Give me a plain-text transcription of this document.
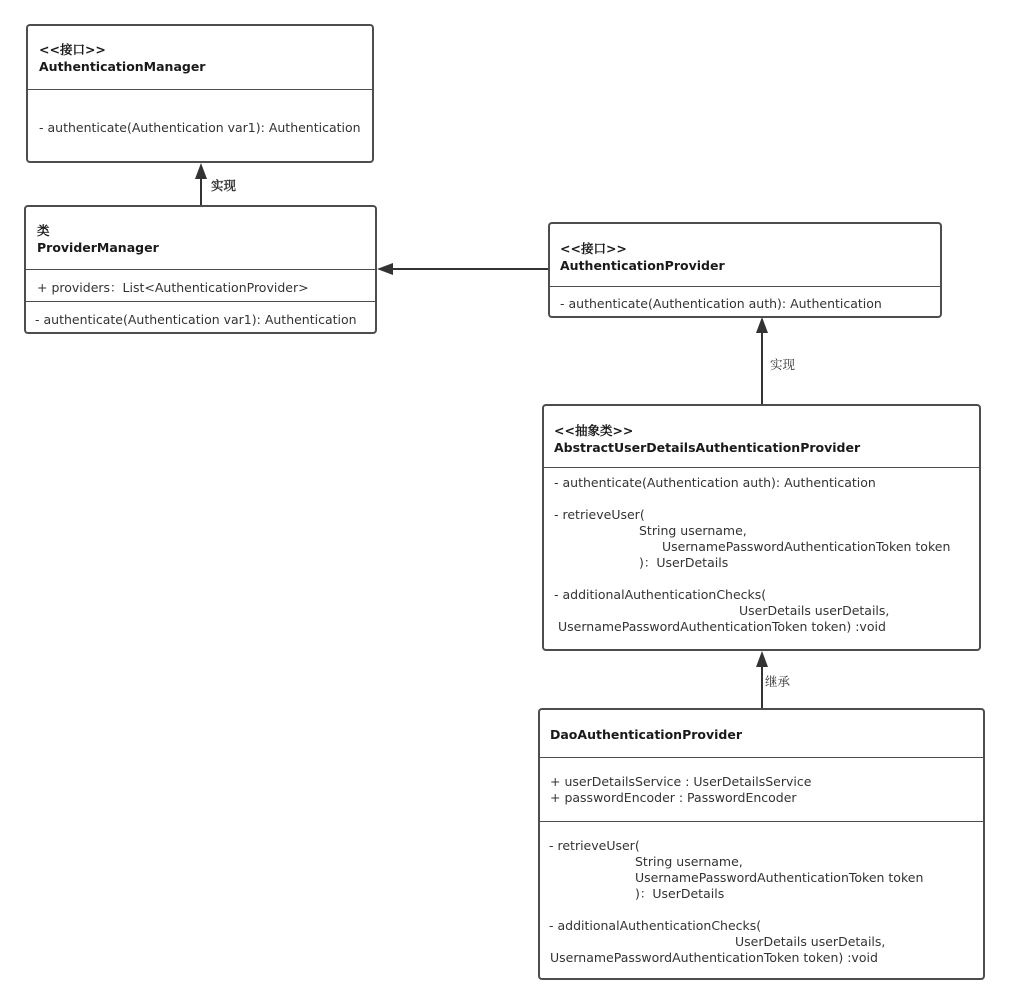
实现
实现
继承
<<接口>>
AuthenticationManager
- authenticate(Authentication var1): Authentication
类
ProviderManager
+ providers：List<AuthenticationProvider>
- authenticate(Authentication var1): Authentication
<<接口>>
AuthenticationProvider
- authenticate(Authentication auth): Authentication
<<抽象类>>
AbstractUserDetailsAuthenticationProvider
- authenticate(Authentication auth): Authentication
- retrieveUser(
String username,
UsernamePasswordAuthenticationToken token
)：UserDetails
- additionalAuthenticationChecks(
UserDetails userDetails,
UsernamePasswordAuthenticationToken token) :void
DaoAuthenticationProvider
+ userDetailsService : UserDetailsService
+ passwordEncoder : PasswordEncoder
- retrieveUser(
String username,
UsernamePasswordAuthenticationToken token
)：UserDetails
- additionalAuthenticationChecks(
UserDetails userDetails,
UsernamePasswordAuthenticationToken token) :void
